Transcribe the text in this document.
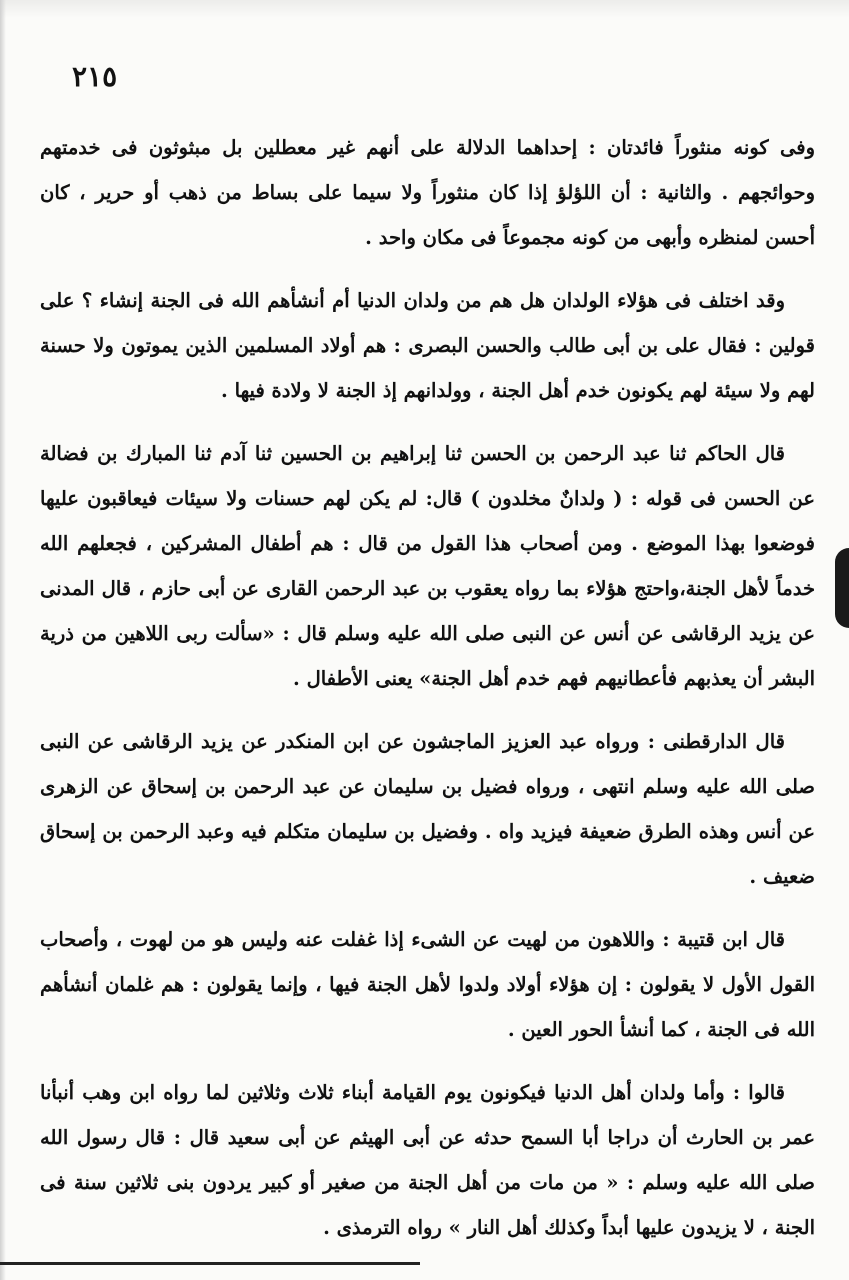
٢١٥

وفى كونه منثوراً فائدتان : إحداهما الدلالة على أنهم غير معطلين بل مبثوثون فى خدمتهم وحوائجهم . والثانية : أن اللؤلؤ إذا كان منثوراً ولا سيما على بساط من ذهب أو حرير ، كان أحسن لمنظره وأبهى من كونه مجموعاً فى مكان واحد .

وقد اختلف فى هؤلاء الولدان هل هم من ولدان الدنيا أم أنشأهم الله فى الجنة إنشاء ؟ على قولين : فقال على بن أبى طالب والحسن البصرى : هم أولاد المسلمين الذين يموتون ولا حسنة لهم ولا سيئة لهم يكونون خدم أهل الجنة ، وولدانهم إذ الجنة لا ولادة فيها .

قال الحاكم ثنا عبد الرحمن بن الحسن ثنا إبراهيم بن الحسين ثنا آدم ثنا المبارك بن فضالة عن الحسن فى قوله : ( ولدانٌ مخلدون ) قال: لم يكن لهم حسنات ولا سيئات فيعاقبون عليها فوضعوا بهذا الموضع . ومن أصحاب هذا القول من قال : هم أطفال المشركين ، فجعلهم الله خدماً لأهل الجنة،واحتج هؤلاء بما رواه يعقوب بن عبد الرحمن القارى عن أبى حازم ، قال المدنى عن يزيد الرقاشى عن أنس عن النبى صلى الله عليه وسلم قال : «سألت ربى اللاهين من ذرية البشر أن يعذبهم فأعطانيهم فهم خدم أهل الجنة» يعنى الأطفال .

قال الدارقطنى : ورواه عبد العزيز الماجشون عن ابن المنكدر عن يزيد الرقاشى عن النبى صلى الله عليه وسلم انتهى ، ورواه فضيل بن سليمان عن عبد الرحمن بن إسحاق عن الزهرى عن أنس وهذه الطرق ضعيفة فيزيد واه . وفضيل بن سليمان متكلم فيه وعبد الرحمن بن إسحاق ضعيف .

قال ابن قتيبة : واللاهون من لهيت عن الشىء إذا غفلت عنه وليس هو من لهوت ، وأصحاب القول الأول لا يقولون : إن هؤلاء أولاد ولدوا لأهل الجنة فيها ، وإنما يقولون : هم غلمان أنشأهم الله فى الجنة ، كما أنشأ الحور العين .

قالوا : وأما ولدان أهل الدنيا فيكونون يوم القيامة أبناء ثلاث وثلاثين لما رواه ابن وهب أنبأنا عمر بن الحارث أن دراجا أبا السمح حدثه عن أبى الهيثم عن أبى سعيد قال : قال رسول الله صلى الله عليه وسلم : « من مات من أهل الجنة من صغير أو كبير يردون بنى ثلاثين سنة فى الجنة ، لا يزيدون عليها أبداً وكذلك أهل النار » رواه الترمذى .
